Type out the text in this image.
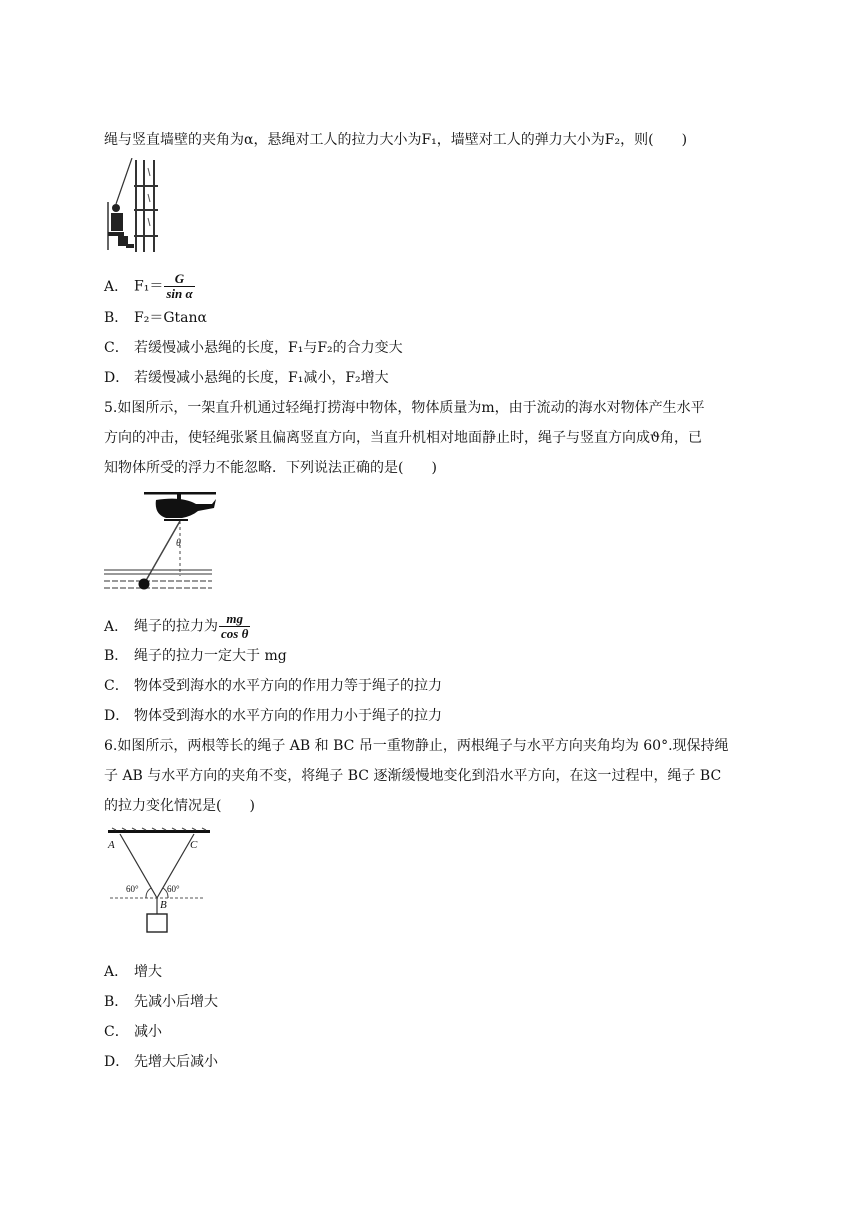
绳与竖直墙壁的夹角为α，悬绳对工人的拉力大小为F₁，墙壁对工人的弹力大小为F₂，则(　　)
A． $F_1= \frac{G}{\text{sin α}}$
B． F₂＝Gtanα
C． 若缓慢减小悬绳的长度，F₁与F₂的合力变大
D． 若缓慢减小悬绳的长度，F₁减小，F₂增大
5.如图所示，一架直升机通过轻绳打捞海中物体，物体质量为m，由于流动的海水对物体产生水平
方向的冲击，使轻绳张紧且偏离竖直方向，当直升机相对地面静止时，绳子与竖直方向成ϑ角，已
知物体所受的浮力不能忽略．下列说法正确的是(　　)
θ
A． 绳子的拉力为 $\frac{mg}{\text{cos θ}}$
B． 绳子的拉力一定大于 mg
C． 物体受到海水的水平方向的作用力等于绳子的拉力
D． 物体受到海水的水平方向的作用力小于绳子的拉力
6.如图所示，两根等长的绳子 AB 和 BC 吊一重物静止，两根绳子与水平方向夹角均为 60°.现保持绳
子 AB 与水平方向的夹角不变，将绳子 BC 逐渐缓慢地变化到沿水平方向，在这一过程中，绳子 BC
的拉力变化情况是(　　)
A	C
B
60°	60°
A． 增大
B． 先减小后增大
C． 减小
D． 先增大后减小
